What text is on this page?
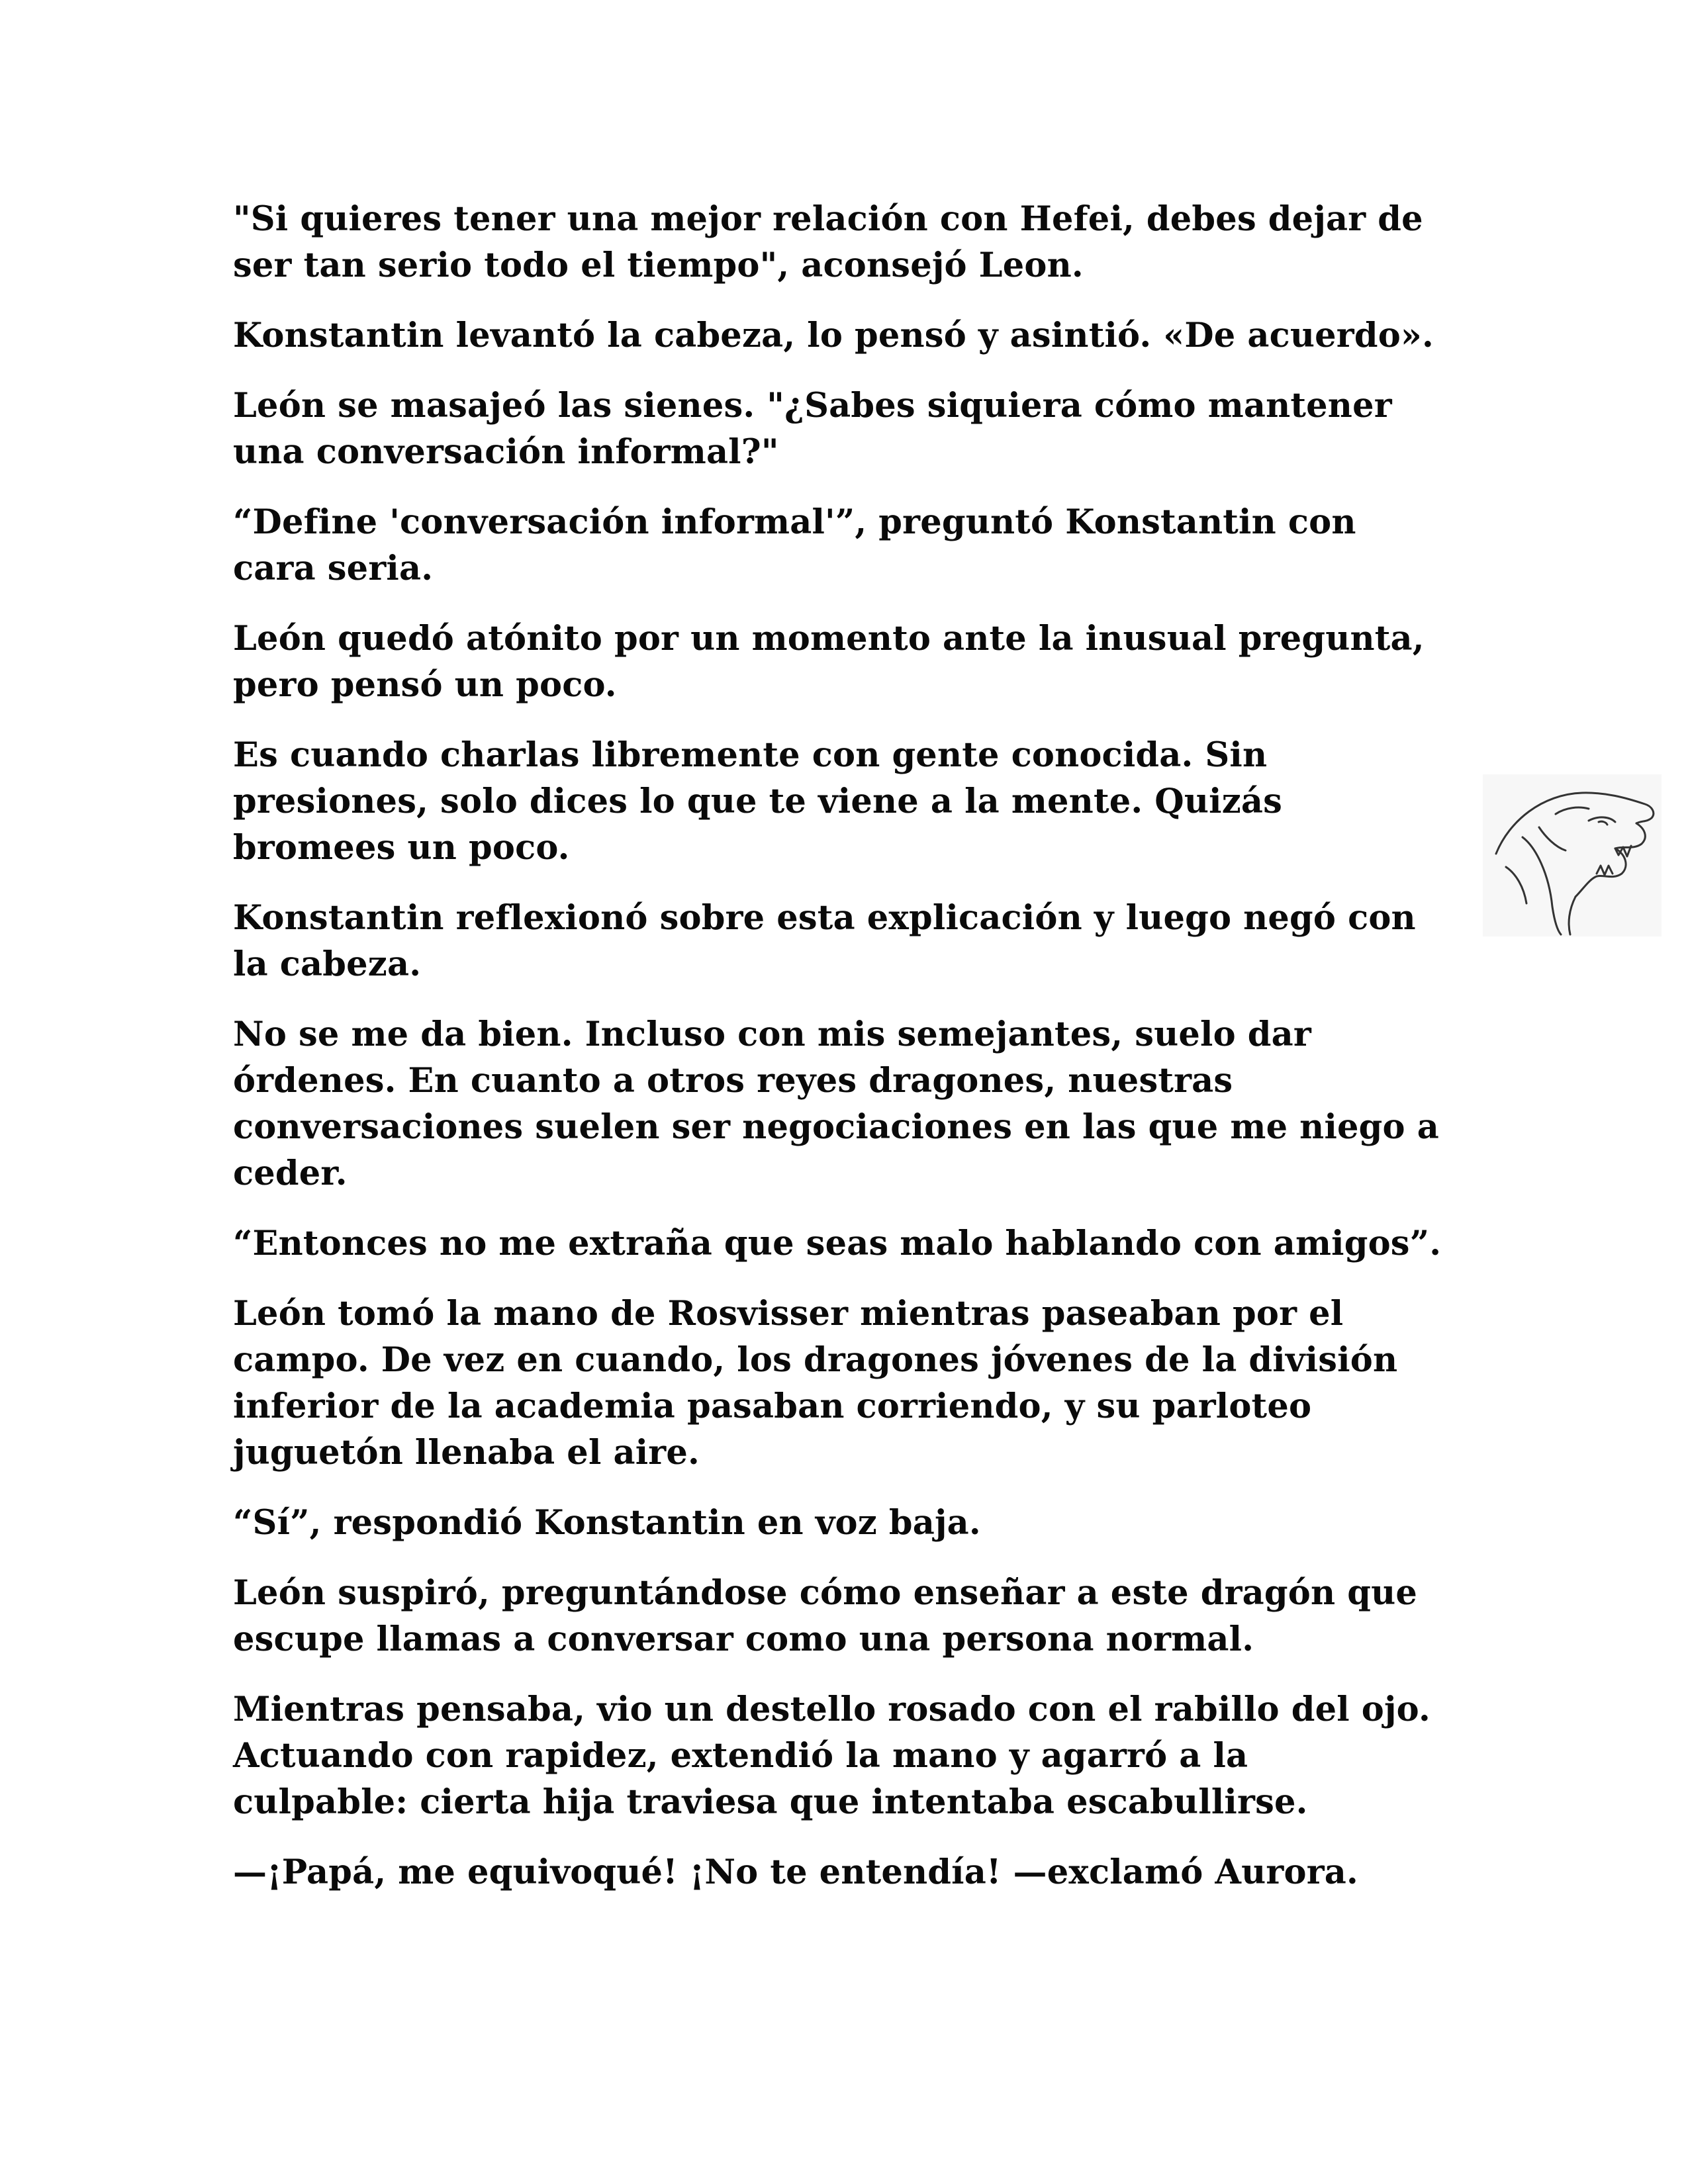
"Si quieres tener una mejor relación con Hefei, debes dejar de
ser tan serio todo el tiempo", aconsejó Leon.

Konstantin levantó la cabeza, lo pensó y asintió. «De acuerdo».

León se masajeó las sienes. "¿Sabes siquiera cómo mantener
una conversación informal?"

“Define 'conversación informal'”, preguntó Konstantin con
cara seria.

León quedó atónito por un momento ante la inusual pregunta,
pero pensó un poco.

Es cuando charlas libremente con gente conocida. Sin
presiones, solo dices lo que te viene a la mente. Quizás
bromees un poco.

Konstantin reflexionó sobre esta explicación y luego negó con
la cabeza.

No se me da bien. Incluso con mis semejantes, suelo dar
órdenes. En cuanto a otros reyes dragones, nuestras
conversaciones suelen ser negociaciones en las que me niego a
ceder.

“Entonces no me extraña que seas malo hablando con amigos”.

León tomó la mano de Rosvisser mientras paseaban por el
campo. De vez en cuando, los dragones jóvenes de la división
inferior de la academia pasaban corriendo, y su parloteo
juguetón llenaba el aire.

“Sí”, respondió Konstantin en voz baja.

León suspiró, preguntándose cómo enseñar a este dragón que
escupe llamas a conversar como una persona normal.

Mientras pensaba, vio un destello rosado con el rabillo del ojo.
Actuando con rapidez, extendió la mano y agarró a la
culpable: cierta hija traviesa que intentaba escabullirse.

—¡Papá, me equivoqué! ¡No te entendía! —exclamó Aurora.
